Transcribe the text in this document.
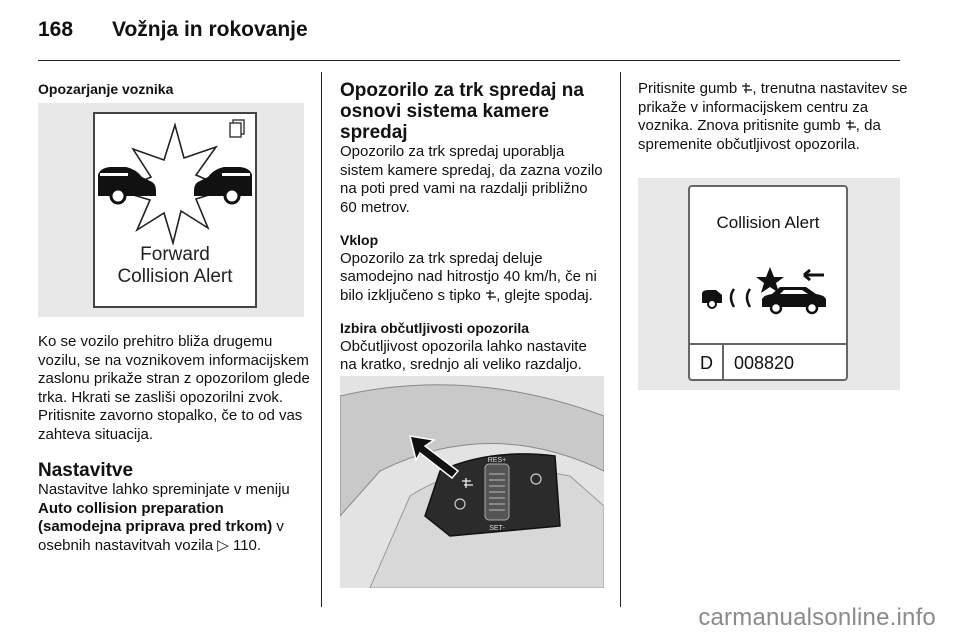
168 Vožnja in rokovanje

Opozarjanje voznika

Forward
Collision Alert

Ko se vozilo prehitro bliža drugemu vozilu, se na voznikovem informacijskem zaslonu prikaže stran z opozorilom glede trka. Hkrati se zasliši opozorilni zvok. Pritisnite zavorno stopalko, če to od vas zahteva situacija.

Nastavitve

Nastavitve lahko spreminjate v meniju Auto collision preparation (samodejna priprava pred trkom) v osebnih nastavitvah vozila ▷ 110.

Opozorilo za trk spredaj na osnovi sistema kamere spredaj

Opozorilo za trk spredaj uporablja sistem kamere spredaj, da zazna vozilo na poti pred vami na razdalji približno 60 metrov.

Vklop

Opozorilo za trk spredaj deluje samodejno nad hitrostjo 40 km/h, če ni bilo izključeno s tipko , glejte spodaj.

Izbira občutljivosti opozorila

Občutljivost opozorila lahko nastavite na kratko, srednjo ali veliko razdaljo.

RES+
SET-

Pritisnite gumb , trenutna nastavitev se prikaže v informacijskem centru za voznika. Znova pritisnite gumb , da spremenite občutljivost opozorila.

Collision Alert
D 008820
carmanualsonline.info
